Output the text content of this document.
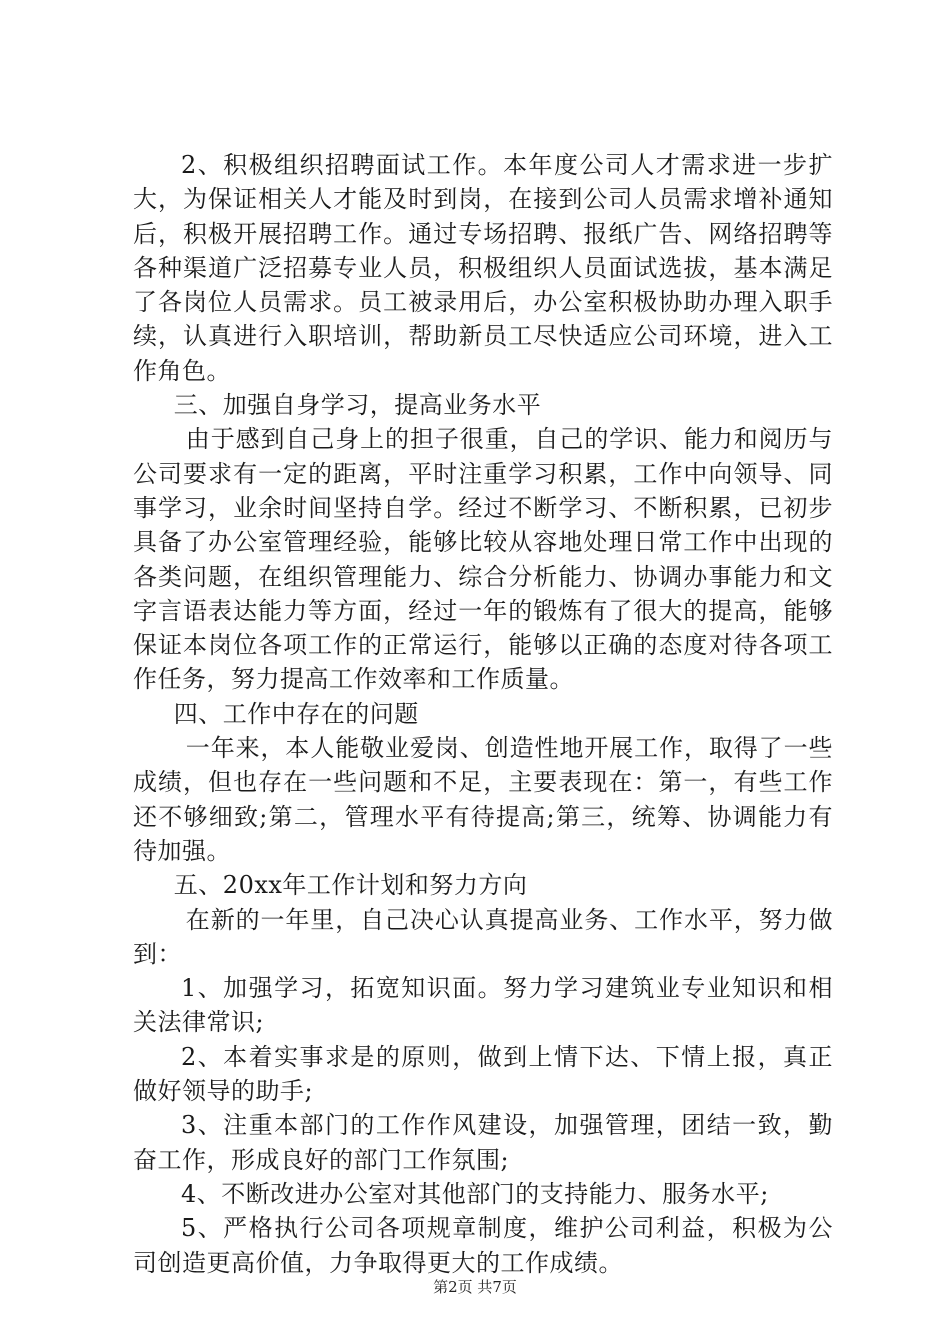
2、积极组织招聘面试工作。本年度公司人才需求进一步扩大，为保证相关人才能及时到岗，在接到公司人员需求增补通知后，积极开展招聘工作。通过专场招聘、报纸广告、网络招聘等各种渠道广泛招募专业人员，积极组织人员面试选拔，基本满足了各岗位人员需求。员工被录用后，办公室积极协助办理入职手续，认真进行入职培训，帮助新员工尽快适应公司环境，进入工作角色。

三、加强自身学习，提高业务水平

由于感到自己身上的担子很重，自己的学识、能力和阅历与公司要求有一定的距离，平时注重学习积累，工作中向领导、同事学习，业余时间坚持自学。经过不断学习、不断积累，已初步具备了办公室管理经验，能够比较从容地处理日常工作中出现的各类问题，在组织管理能力、综合分析能力、协调办事能力和文字言语表达能力等方面，经过一年的锻炼有了很大的提高，能够保证本岗位各项工作的正常运行，能够以正确的态度对待各项工作任务，努力提高工作效率和工作质量。

四、工作中存在的问题

一年来，本人能敬业爱岗、创造性地开展工作，取得了一些成绩，但也存在一些问题和不足，主要表现在：第一，有些工作还不够细致;第二，管理水平有待提高;第三，统筹、协调能力有待加强。

五、20xx年工作计划和努力方向

在新的一年里，自己决心认真提高业务、工作水平，努力做到：

1、加强学习，拓宽知识面。努力学习建筑业专业知识和相关法律常识;

2、本着实事求是的原则，做到上情下达、下情上报，真正做好领导的助手;

3、注重本部门的工作作风建设，加强管理，团结一致，勤奋工作，形成良好的部门工作氛围;

4、不断改进办公室对其他部门的支持能力、服务水平;

5、严格执行公司各项规章制度，维护公司利益，积极为公司创造更高价值，力争取得更大的工作成绩。

第2页 共7页
